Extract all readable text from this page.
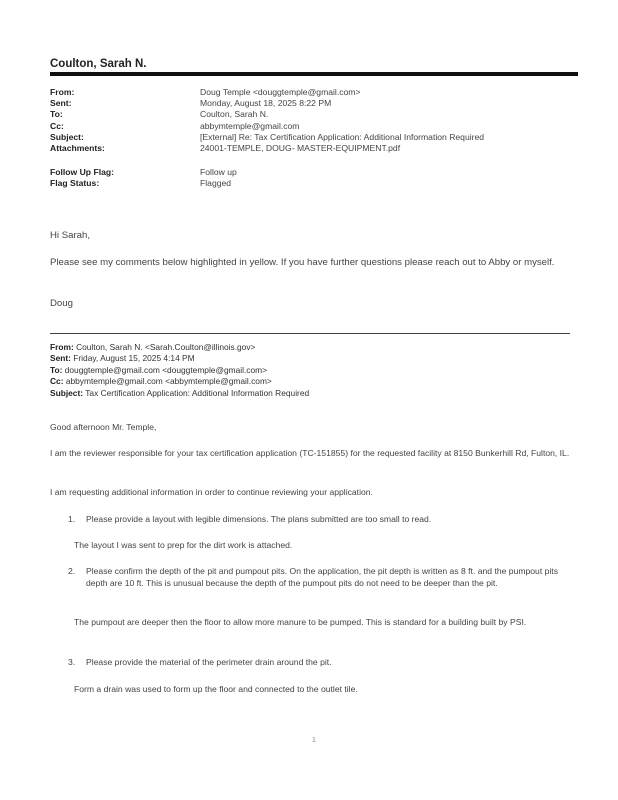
Coulton, Sarah N.
From:	Doug Temple <douggtemple@gmail.com>
Sent:	Monday, August 18, 2025 8:22 PM
To:	Coulton, Sarah N.
Cc:	abbymtemple@gmail.com
Subject:	[External] Re: Tax Certification Application: Additional Information Required
Attachments:	24001-TEMPLE, DOUG- MASTER-EQUIPMENT.pdf
Follow Up Flag:	Follow up
Flag Status:	Flagged
Hi Sarah,
Please see my comments below highlighted in yellow. If you have further questions please reach out to Abby or myself.
Doug
From: Coulton, Sarah N. <Sarah.Coulton@illinois.gov>
Sent: Friday, August 15, 2025 4:14 PM
To: douggtemple@gmail.com <douggtemple@gmail.com>
Cc: abbymtemple@gmail.com <abbymtemple@gmail.com>
Subject: Tax Certification Application: Additional Information Required
Good afternoon Mr. Temple,
I am the reviewer responsible for your tax certification application (TC-151855) for the requested facility at 8150 Bunkerhill Rd, Fulton, IL.
I am requesting additional information in order to continue reviewing your application.
1. Please provide a layout with legible dimensions. The plans submitted are too small to read.
The layout I was sent to prep for the dirt work is attached.
2. Please confirm the depth of the pit and pumpout pits. On the application, the pit depth is written as 8 ft. and the pumpout pits depth are 10 ft. This is unusual because the depth of the pumpout pits do not need to be deeper than the pit.
The pumpout are deeper then the floor to allow more manure to be pumped. This is standard for a building built by PSI.
3. Please provide the material of the perimeter drain around the pit.
Form a drain was used to form up the floor and connected to the outlet tile.
1
